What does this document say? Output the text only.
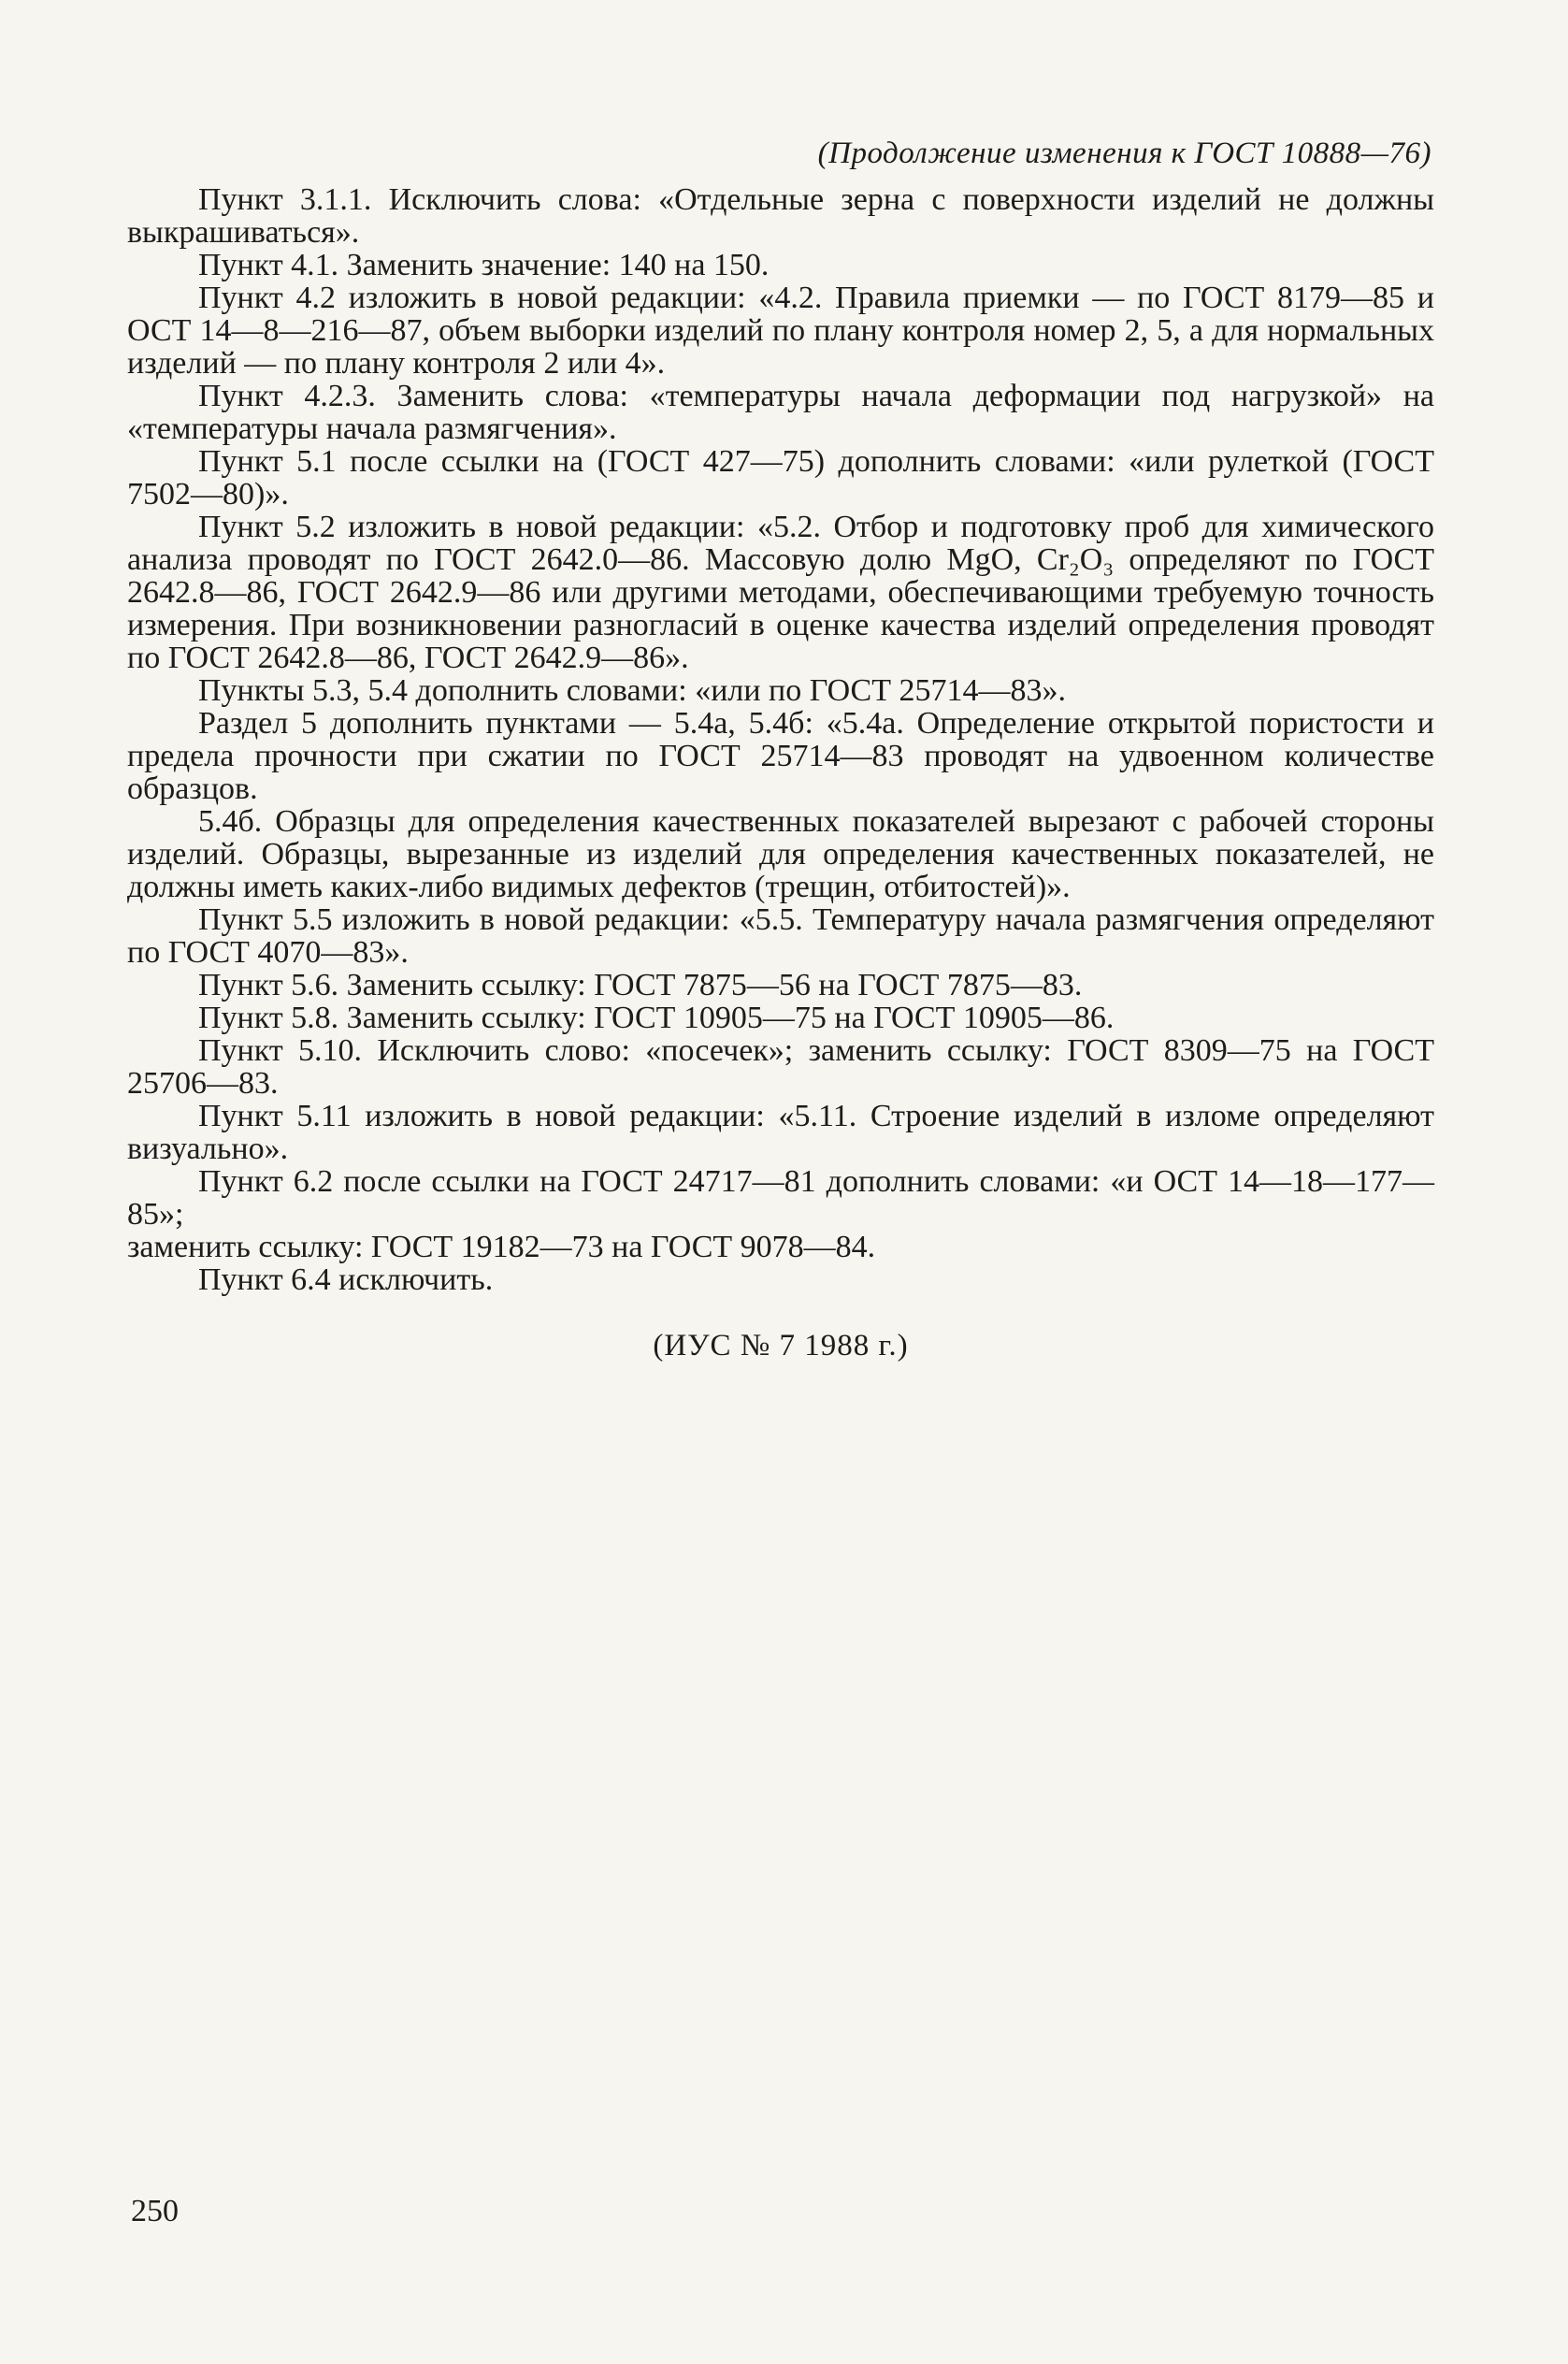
(Продолжение изменения к ГОСТ 10888—76)

Пункт 3.1.1. Исключить слова: «Отдельные зерна с поверхности изделий не должны выкрашиваться».

Пункт 4.1. Заменить значение: 140 на 150.

Пункт 4.2 изложить в новой редакции: «4.2. Правила приемки — по ГОСТ 8179—85 и ОСТ 14—8—216—87, объем выборки изделий по плану контроля номер 2, 5, а для нормальных изделий — по плану контроля 2 или 4».

Пункт 4.2.3. Заменить слова: «температуры начала деформации под нагрузкой» на «температуры начала размягчения».

Пункт 5.1 после ссылки на (ГОСТ 427—75) дополнить словами: «или рулеткой (ГОСТ 7502—80)».

Пункт 5.2 изложить в новой редакции: «5.2. Отбор и подготовку проб для химического анализа проводят по ГОСТ 2642.0—86. Массовую долю MgO, Cr₂O₃ определяют по ГОСТ 2642.8—86, ГОСТ 2642.9—86 или другими методами, обеспечивающими требуемую точность измерения. При возникновении разногласий в оценке качества изделий определения проводят по ГОСТ 2642.8—86, ГОСТ 2642.9—86».

Пункты 5.3, 5.4 дополнить словами: «или по ГОСТ 25714—83».

Раздел 5 дополнить пунктами — 5.4а, 5.4б: «5.4а. Определение открытой пористости и предела прочности при сжатии по ГОСТ 25714—83 проводят на удвоенном количестве образцов.

5.4б. Образцы для определения качественных показателей вырезают с рабочей стороны изделий. Образцы, вырезанные из изделий для определения качественных показателей, не должны иметь каких-либо видимых дефектов (трещин, отбитостей)».

Пункт 5.5 изложить в новой редакции: «5.5. Температуру начала размягчения определяют по ГОСТ 4070—83».

Пункт 5.6. Заменить ссылку: ГОСТ 7875—56 на ГОСТ 7875—83.

Пункт 5.8. Заменить ссылку: ГОСТ 10905—75 на ГОСТ 10905—86.

Пункт 5.10. Исключить слово: «посечек»; заменить ссылку: ГОСТ 8309—75 на ГОСТ 25706—83.

Пункт 5.11 изложить в новой редакции: «5.11. Строение изделий в изломе определяют визуально».

Пункт 6.2 после ссылки на ГОСТ 24717—81 дополнить словами: «и ОСТ 14—18—177—85»;

заменить ссылку: ГОСТ 19182—73 на ГОСТ 9078—84.

Пункт 6.4 исключить.

(ИУС № 7 1988 г.)
250
